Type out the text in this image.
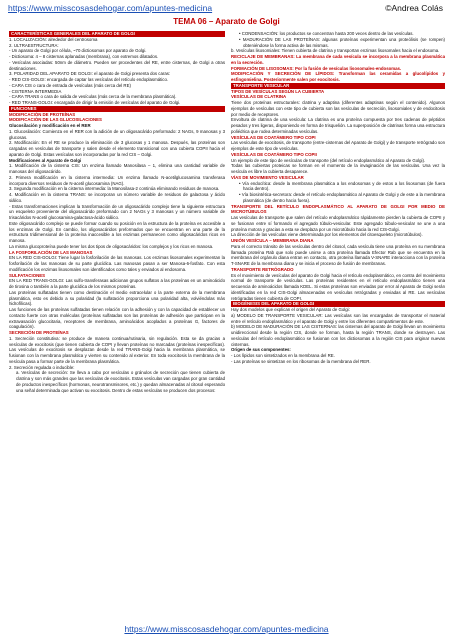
https://www.misscosasdehogar.com/apuntes-medicina	©Andrea Colás
TEMA 06 – Aparato de Golgi

CARACTERÍSTICAS GENERALES DEL APARATO DE GOLGI

1. LOCALIZACIÓN: alrededor del centrosoma

2. ULTRAESTRUCTURA:

- Un aparato de Golgi por célula, ~70 dictiosomas por aparato de Golgi.

- Dictiosoma: 4 – 8 cisternas aplanadas (membrana), con extremos dilatados.

- Vesículas asociadas: 50nm de diámetro. Pueden ser procedentes del RE, entre cisternas, de Golgi a otras destinaciones.

3. POLARIDAD DEL APARATO DE GOLGI: el aparato de Golgi presenta dos caras:

- RED CIS-GOLGI: encargada de captar las vesículas del retículo endoplasmático.

- CARA CIS o cara de entrada de vesículas (más cerca del RE)

- CISTERNA INTERMEDIA

- CARA TRANS o cara de salida de vesículas (más cerca de la membrana plasmática).

- RED TRANS-GOLGI: encargada de dirigir la emisión de vesículas del aparato de Golgi.

FUNCIONES

MODIFICACIÓN DE PROTEÍNAS

MODIFICACIÓN DE LAS GLUCOSILACIONES

Glucosilación y modificación en el RER

1. Glucosilación: Comienza en el RER con la adición de un oligosacárido preformado: 2 NAGs, 9 manosas y 3 glucosas.

2. Modificación: En el RE se produce la eliminación de 3 glucosas y 1 manosa. Después, las proteínas son cargadas en vesículas de transporte y salen desde el elemento transicional con una cubierta COPII hacia el aparato de Golgi. Estas vesículas son incorporadas por la red CIS – Golgi.

Modificaciones al Aparato de Golgi

1. Modificación de la cisterna CIS: Un enzima llamado Manosilasa – 1, elimina una cantidad variable de manosas del oligosacárido.

2. Primera modificación en la cisterna intermedia: Un enzima llamado N-acetilglucosamina transferasa incorpora diversos residuos de N-acetil glucosamina (NAG).

3. Segunda modificación en la cisterna intermedia: la Manosilasa-2 continúa eliminando residuos de manosa.

4. Modificación en la cisterna TRANS: se incorporan un número variable de residuos de galactosa y ácido siálico.

- Estas transformaciones implican la transformación de un oligosacárido complejo tiene la siguiente estructura un esqueleto proveniente del oligosacárido preformado con 2 NAGs y 3 manosas y un número variable de trisacáridos N-acetil glucosamina-galactosa-ácido siálico.

Este oligosacárido complejo se puede formar cuando su posición en la estructura de la proteína es accesible a los enzimas de Golgi. En cambio, los oligosacáridos preformados que se encuentran en una parte de la estructura tridimensional de la proteína inaccesible a los enzimas permanecen como oligosacáridos ricos en manosa.

La misma glucoproteína puede tener los dos tipos de oligosacáridos: los complejos y los ricos en manosa.

LA FOSFORILACIÓN DE LAS MANOSAS

EN LA RED CIS-GOLGI: Tiene lugar la fosforilación de las manosas. Los enzimas lisosomales experimentan la fosforilación de las manosas de su parte glucídica. Las manosas pasan a ser Manosa-6-fosfato. Con esta modificación los enzimas lisosomales son identificados como tales y enviados al endosoma.

SULFATACIONES

EN LA RED TRANS-GOLGI: Las sulfo-transferasas adicionan grupos sulfatos a las proteínas en un aminoácido de tirosina o también a la parte glucídica de los mismos proteínas.

Las proteínas sulfatadas tienen como destinación el medio extracelular o la parte externa de la membrana plasmática, esto es debido a su polaridad (la sulfatación proporciona una polaridad alta, volviéndolas más hidrofílicas).

Las funciones de las proteínas sulfatadas tienen relación con la adhesión y con la capacidad de establecer un contacto fuerte con otras moléculas (proteínas sulfatadas son las proteínas de adhesión que participan en la extravasación glucocitaria, receptores de membrana, aminoácidos acoplados a proteínas G, factores de coagulación).

SECRECIÓN DE PROTEÍNAS

1. Secreción constitutiva: se produce de manera continua/rutinaria, sin regulación. Esta se da gracias a vesículas de exocitosis (que tienen cubierta de COPI y llevan proteínas no marcadas (proteínas inespecíficas). Las vesículas de exocitosis se desplazan desde la red TRANS-Golgi hacia la membrana plasmática, se fusionan con la membrana plasmática y vierten su contenido al exterior. En toda exocitosis la membrana de la vesícula pasa a formar parte de la membrana plasmática.

2. Secreción regulada o inducible:

a. Vesículas de secreción: Se lleva a cabo por vesículas o gránulos de secreción que tienen cubierta de clatrina y son más grandes que las vesículas de exocitosis. Estas vesículas van cargadas por gran cantidad de productos inespecíficos (hormonas, neurotransmisores, etc.) y quedan almacenadas al citosol esperando una señal determinada que activan su exocitosis. Dentro de estas vesículas se producen dos procesos:

• CONDENSACIÓN: los productos se concentran hasta 200 veces dentro de las vesículas.

• MADURACIÓN DE LAS PROTEÍNAS: algunas proteínas experimentan una proteólisis (se rompen) obteniéndose la forma activa de las mismas.

b. Vesículas lisosomiales: Tienen cubierta de clatrina y transportan enzimas lisosomales hacia el endosoma.

RECICLAJE DE MEMBRANAS: La membrana de cada vesícula se incorpora a la membrana plasmática en la secreción.

FORMACIÓN DE LISOSOMAS: Por la fusión de vesículas lisosomales-endosomas.

MODIFICACIÓN Y SECRECIÓN DE LÍPIDOS: Transforman las ceramidas a glucolípidos y esfingomielina. Posteriormente salen por exocitosis.

TRANSPORTE VESICULAR

TIPOS DE VESÍCULAS SEGÚN LA CUBIERTA

VESÍCULAS DE CLATRINA

Tiene dos proteínas estructurales: clatrina y adaptina (diferentes adaptinas según el contenido). Algunos ejemplos de vesículas con este tipo de cubierta son las vesículas de secreción, lisosomiales y de endocitosis por medio de receptores.

Envoltura de clatrina de una vesícula: La clatrina es una proteína compuesta por tres cadenas de péptidos pesados y tres ligeras, disponiendo en forma de trisquelión. La superposición de clatrinas forma una estructura poliédrica que rodea determinadas vesículas.

VESÍCULAS DE COATÁMERO TIPO COPI

Las vesículas de exocitosis, de transporte (entre-cisternas del Aparato de Golgi) y de transporte retrógrado son ejemplos de este tipo de vesículas.

VESÍCULAS DE COATÁMERO TIPO COPII

Un ejemplo de este tipo de vesículas de transporte (del retículo endoplasmático al Aparato de Golgi).

Todas las cubiertas proteicas se forman en el momento de la invaginación de las vesículas. Una vez la vesícula es libre la cubierta desaparece.

VÍAS DE MOVIMIENTO VESICULAR

• Vía endocítica: desde la membrana plasmática a los endosomas y de estos a los lisosomas (de fuera hacia dentro).

• Vía biosintética-secretora: desde el retículo endoplasmático al Aparato de Golgi y de este a la membrana plasmática (de dentro hacia fuera).

TRANSPORTE DEL RETÍCULO ENDOPLASMÁTICO AL APARATO DE GOLGI POR MEDIO DE MICROTÚBULOS

Las vesículas de transporte que salen del retículo endoplasmático rápidamente pierden la cubierta de COPII y se fusionan entre sí formando el agregado túbulo-vesicular. Este agregado túbulo-vesicular se une a una proteína motora y gracias a esta se desplaza por un microtúbulo hacia la red CIS-Golgi.

La dirección de las vesículas viene determinada por los elementos del citoesqueleto (microtúbulos).

UNIÓN VESÍCULA – MEMBRANA DIANA

Para el correcto tránsito de las vesículas dentro del citosol, cada vesícula tiene una proteína en su membrana llamada proteína Rab que solo puede unirse a otra proteína llamada Efector Rab que se encuentra en la membrana del orgánulo diana entran en contacto, otra proteína llamada V-SNARE interacciona con la proteína T-SNARE de la membrana diana y se inicia el proceso de fusión de membranas.

TRANSPORTE RETRÓGRADO

Es el movimiento de vesículas del aparato de Golgi hacia el retículo endoplasmático, en contra del movimiento normal de transporte de vesículas. Las proteínas residentes en el retículo endoplasmático tienen una secuencia de aminoácidos llamada KDEL. Si estas proteínas son enviadas por error al Aparato de Golgi serán identificadas en la red CIS-Golgi almacenadas en vesículas retrógradas y enviadas al RE. Las vesículas retrógradas tienen cubierta de COPI.

BIOGÉNESIS DEL APARATO DE GOLGI

Hay dos modelos que explican el origen del Aparato de Golgi:

a) MODELO DE TRANSPORTE VESICULAR: Las vesículas son las encargadas de transportar el material entre el retículo endoplasmático y el aparato de Golgi y entre los diferentes compartimentos de este.

b) MODELO DE MADURACIÓN DE LAS CISTERNAS: las cisternas del aparato de Golgi llevan un movimiento unidireccional desde la región CIS, donde se forman, hasta la región TRANS, donde se destruyen. Las vesículas del retículo endoplasmático se fusionan con los dictiosomas a la región CIS para originar nuevas cisternas.

Origen de sus componentes:

- Los lípidos son sintetizados en la membrana del RE.

- Las proteínas se sintetizan en los ribosomas de la membrana del RER.

https://www.misscosasdehogar.com/apuntes-medicina
